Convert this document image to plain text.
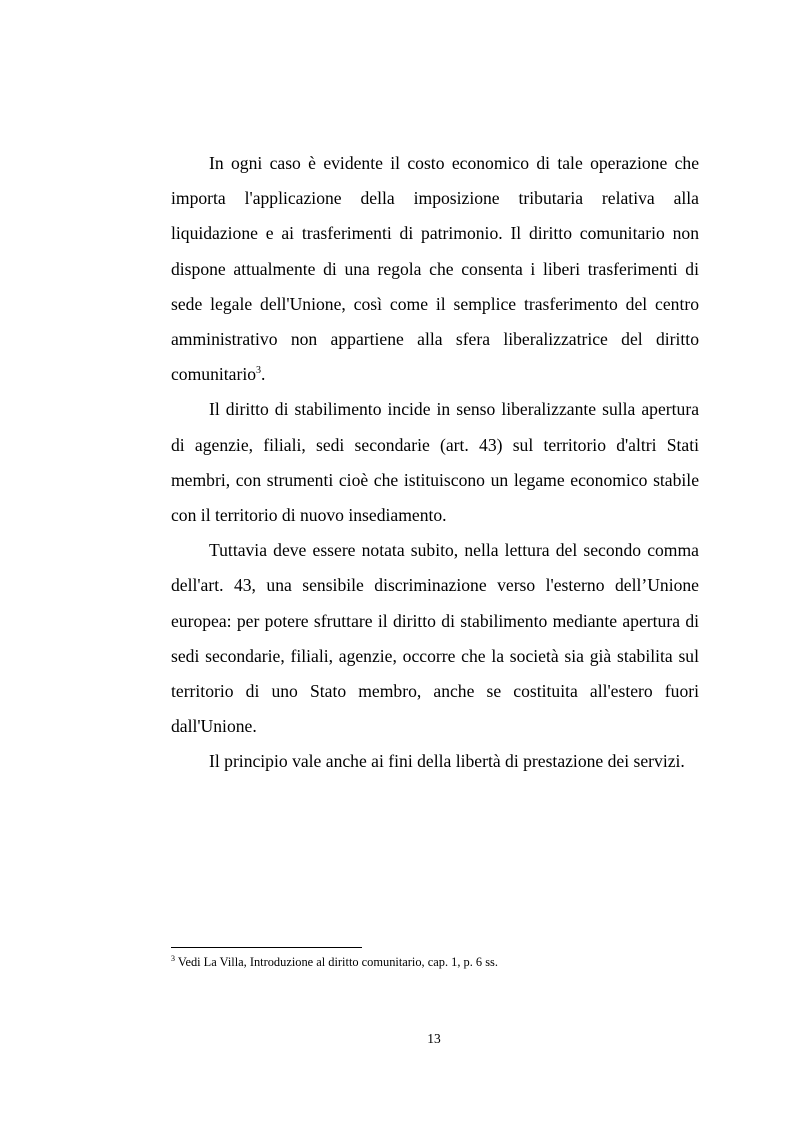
In ogni caso è evidente il costo economico di tale operazione che importa l'applicazione della imposizione tributaria relativa alla liquidazione e ai trasferimenti di patrimonio. Il diritto comunitario non dispone attualmente di una regola che consenta i liberi trasferimenti di sede legale dell'Unione, così come il semplice trasferimento del centro amministrativo non appartiene alla sfera liberalizzatrice del diritto comunitario$^3$.

Il diritto di stabilimento incide in senso liberalizzante sulla apertura di agenzie, filiali, sedi secondarie (art. 43) sul territorio d'altri Stati membri, con strumenti cioè che istituiscono un legame economico stabile con il territorio di nuovo insediamento.

Tuttavia deve essere notata subito, nella lettura del secondo comma dell'art. 43, una sensibile discriminazione verso l'esterno dell’Unione europea: per potere sfruttare il diritto di stabilimento mediante apertura di sedi secondarie, filiali, agenzie, occorre che la società sia già stabilita sul territorio di uno Stato membro, anche se costituita all'estero fuori dall'Unione.

Il principio vale anche ai fini della libertà di prestazione dei servizi.

$^3$ Vedi La Villa, Introduzione al diritto comunitario, cap. 1, p. 6 ss.

13
